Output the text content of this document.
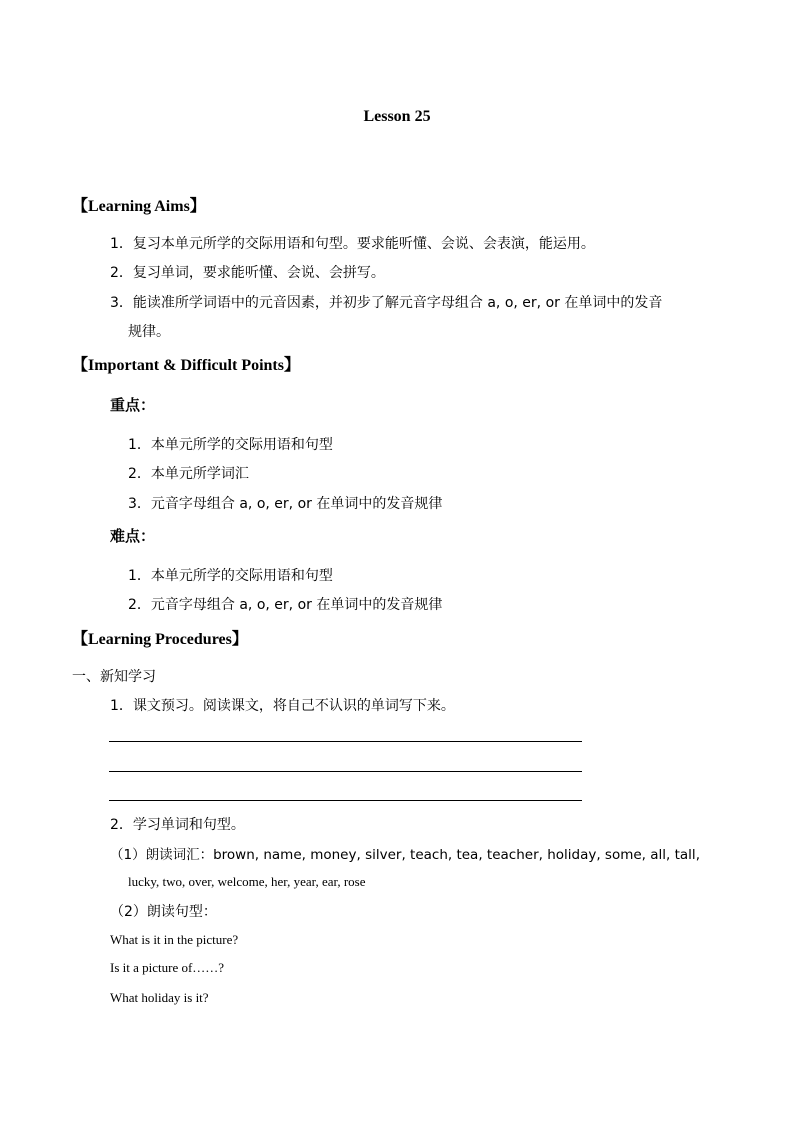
Lesson 25
【Learning Aims】
1．复习本单元所学的交际用语和句型。要求能听懂、会说、会表演，能运用。
2．复习单词，要求能听懂、会说、会拼写。
3．能读准所学词语中的元音因素，并初步了解元音字母组合 a, o, er, or 在单词中的发音
规律。
【Important & Difficult Points】
重点：
1．本单元所学的交际用语和句型
2．本单元所学词汇
3．元音字母组合 a, o, er, or 在单词中的发音规律
难点：
1．本单元所学的交际用语和句型
2．元音字母组合 a, o, er, or 在单词中的发音规律
【Learning Procedures】
一、新知学习
1．课文预习。阅读课文，将自己不认识的单词写下来。
2．学习单词和句型。
（1）朗读词汇：brown, name, money, silver, teach, tea, teacher, holiday, some, all, tall,
lucky, two, over, welcome, her, year, ear, rose
（2）朗读句型：
What is it in the picture?
Is it a picture of……?
What holiday is it?
